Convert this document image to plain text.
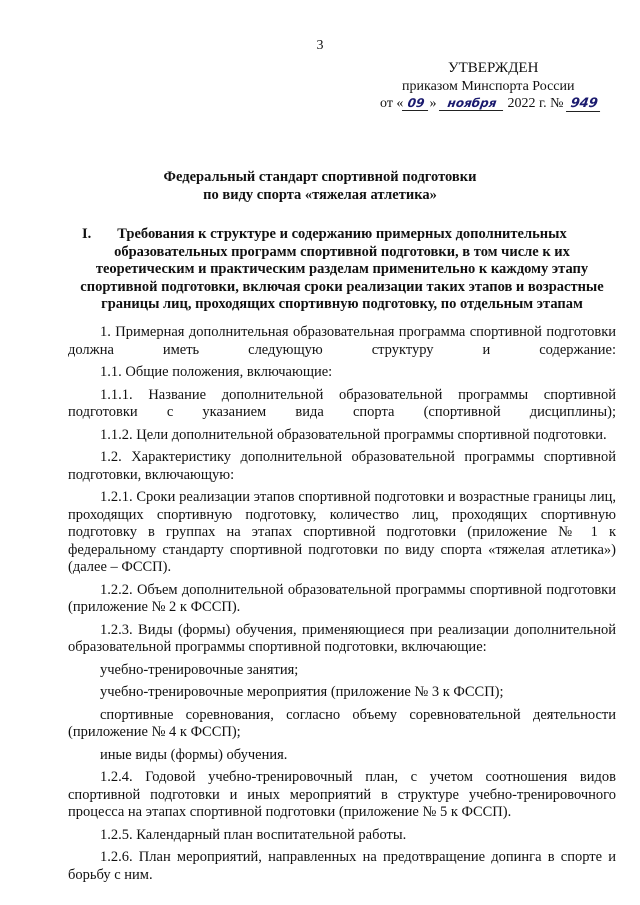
3
УТВЕРЖДЕН
приказом Минспорта России
от « 09 » ноября 2022 г. № 949
Федеральный стандарт спортивной подготовки
по виду спорта «тяжелая атлетика»
I.	Требования к структуре и содержанию примерных дополнительных образовательных программ спортивной подготовки, в том числе к их теоретическим и практическим разделам применительно к каждому этапу спортивной подготовки, включая сроки реализации таких этапов и возрастные границы лиц, проходящих спортивную подготовку, по отдельным этапам

1. Примерная дополнительная образовательная программа спортивной подготовки должна иметь следующую структуру и содержание:

1.1. Общие положения, включающие:

1.1.1. Название дополнительной образовательной программы спортивной подготовки с указанием вида спорта (спортивной дисциплины);

1.1.2. Цели дополнительной образовательной программы спортивной подготовки.

1.2. Характеристику дополнительной образовательной программы спортивной подготовки, включающую:

1.2.1. Сроки реализации этапов спортивной подготовки и возрастные границы лиц, проходящих спортивную подготовку, количество лиц, проходящих спортивную подготовку в группах на этапах спортивной подготовки (приложение № 1 к федеральному стандарту спортивной подготовки по виду спорта «тяжелая атлетика») (далее – ФССП).

1.2.2. Объем дополнительной образовательной программы спортивной подготовки (приложение № 2 к ФССП).

1.2.3. Виды (формы) обучения, применяющиеся при реализации дополнительной образовательной программы спортивной подготовки, включающие:

учебно-тренировочные занятия;

учебно-тренировочные мероприятия (приложение № 3 к ФССП);

спортивные соревнования, согласно объему соревновательной деятельности (приложение № 4 к ФССП);

иные виды (формы) обучения.

1.2.4. Годовой учебно-тренировочный план, с учетом соотношения видов спортивной подготовки и иных мероприятий в структуре учебно-тренировочного процесса на этапах спортивной подготовки (приложение № 5 к ФССП).

1.2.5. Календарный план воспитательной работы.

1.2.6. План мероприятий, направленных на предотвращение допинга в спорте и борьбу с ним.
